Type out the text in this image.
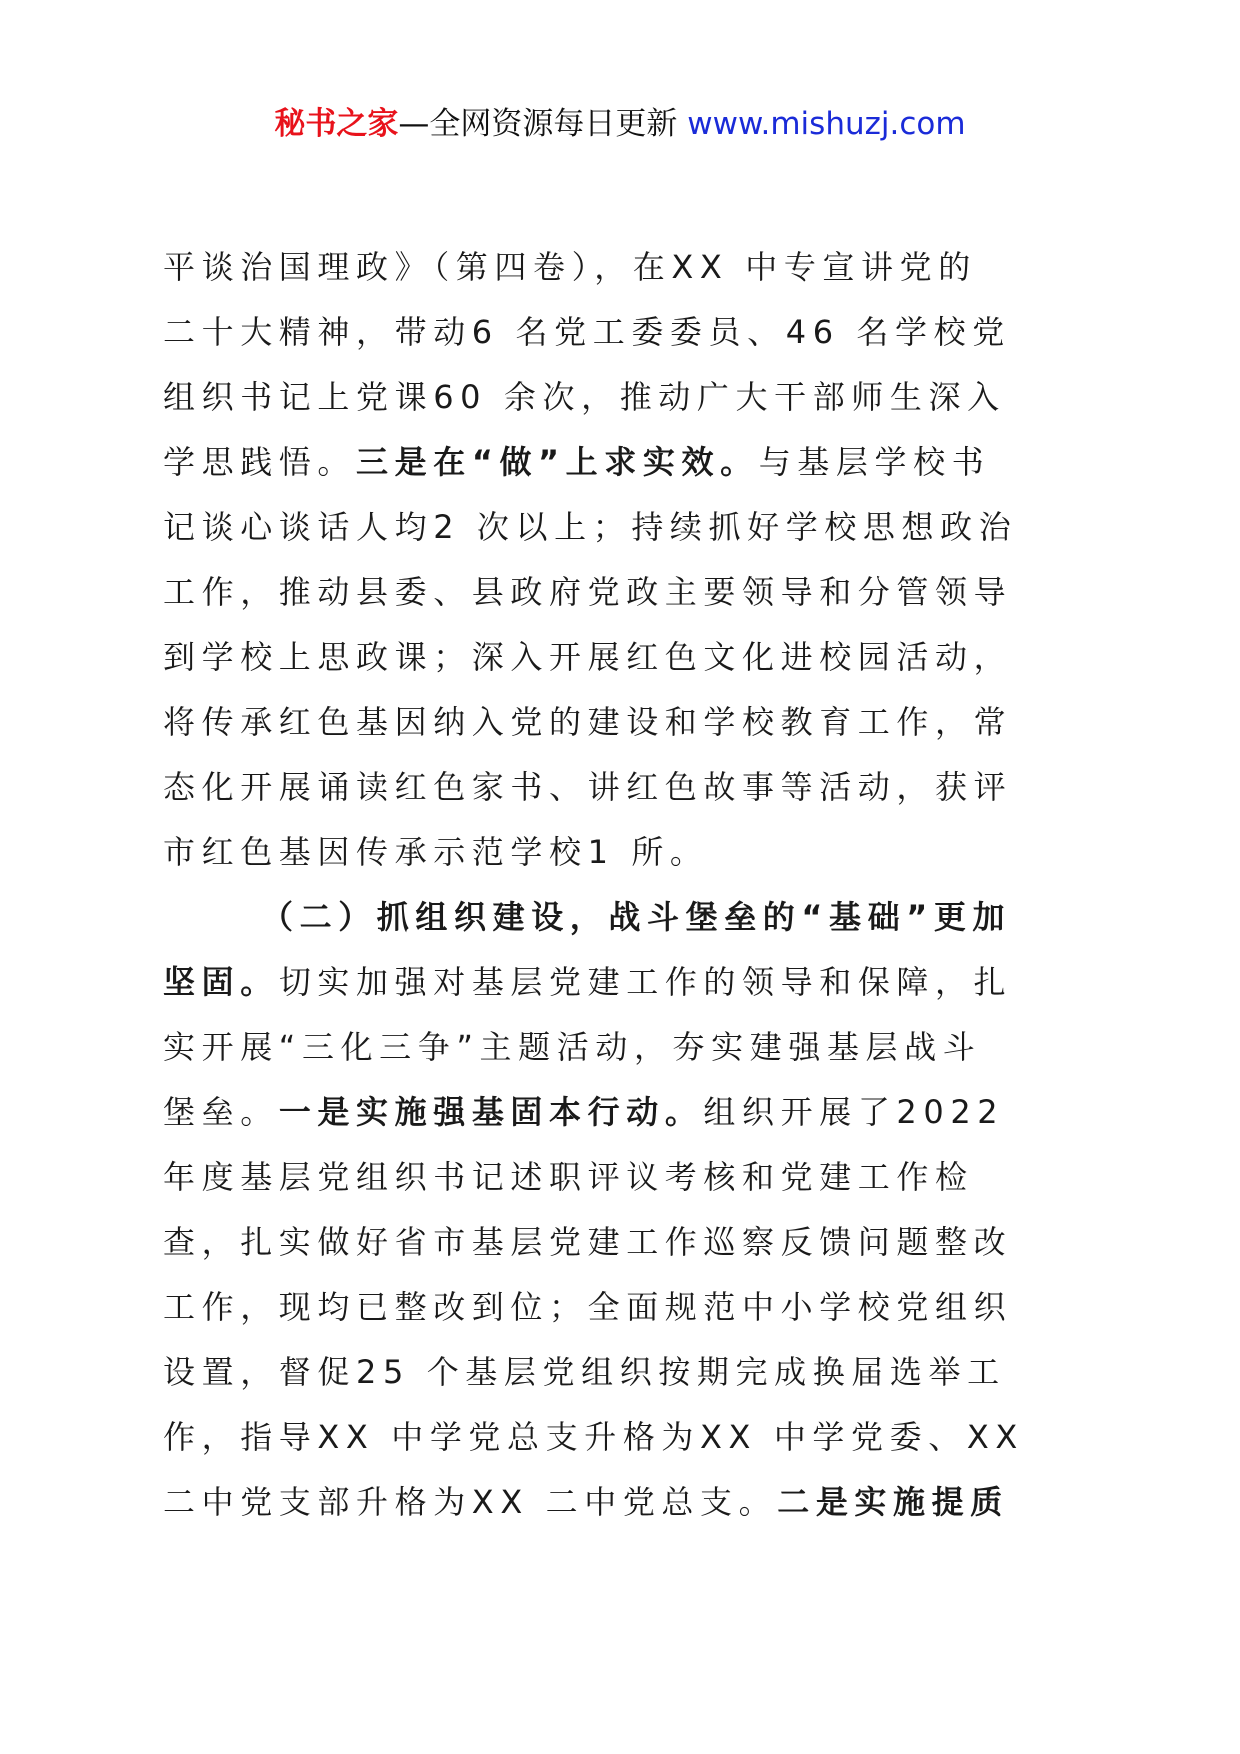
秘书之家—全网资源每日更新 www.mishuzj.com
平谈治国理政》（第四卷），在XX 中专宣讲党的
二十大精神，带动6 名党工委委员、46 名学校党
组织书记上党课60 余次，推动广大干部师生深入
学思践悟。三是在“做”上求实效。与基层学校书
记谈心谈话人均2 次以上；持续抓好学校思想政治
工作，推动县委、县政府党政主要领导和分管领导
到学校上思政课；深入开展红色文化进校园活动，
将传承红色基因纳入党的建设和学校教育工作，常
态化开展诵读红色家书、讲红色故事等活动，获评
市红色基因传承示范学校1 所。
（二）抓组织建设，战斗堡垒的“基础”更加
坚固。切实加强对基层党建工作的领导和保障，扎
实开展“三化三争”主题活动，夯实建强基层战斗
堡垒。一是实施强基固本行动。组织开展了2022
年度基层党组织书记述职评议考核和党建工作检
查，扎实做好省市基层党建工作巡察反馈问题整改
工作，现均已整改到位；全面规范中小学校党组织
设置，督促25 个基层党组织按期完成换届选举工
作，指导XX 中学党总支升格为XX 中学党委、XX
二中党支部升格为XX 二中党总支。二是实施提质
